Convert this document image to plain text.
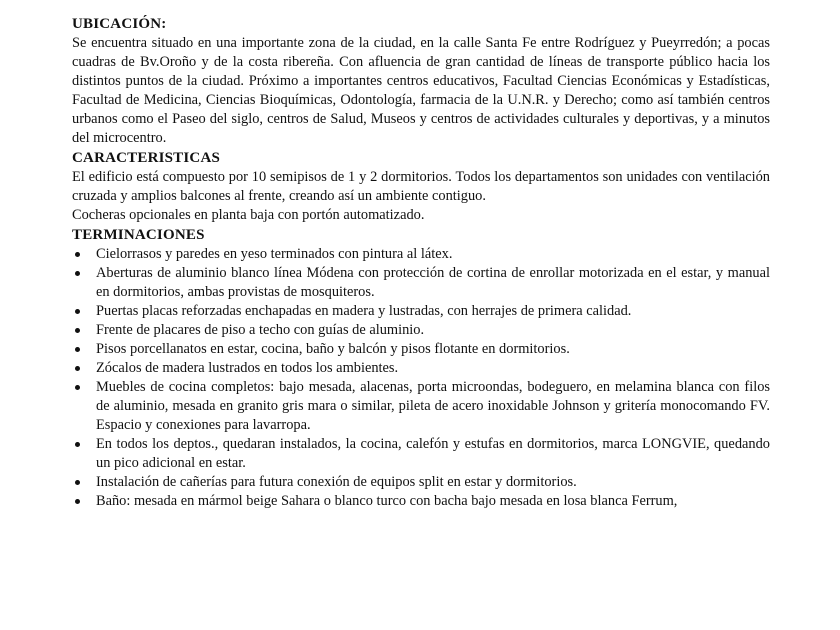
UBICACIÓN:

Se encuentra situado en una importante zona de la ciudad, en la calle Santa Fe entre Rodríguez y Pueyrredón; a pocas cuadras de Bv.Oroño y de la costa ribereña. Con afluencia de gran cantidad de líneas de transporte público hacia los distintos puntos de la ciudad. Próximo a importantes centros educativos, Facultad Ciencias Económicas y Estadísticas, Facultad de Medicina, Ciencias Bioquímicas, Odontología, farmacia de la U.N.R. y Derecho; como así también centros urbanos como el Paseo del siglo, centros de Salud, Museos y centros de actividades culturales y deportivas, y a minutos del microcentro.

CARACTERISTICAS

El edificio está compuesto por 10 semipisos de 1 y 2 dormitorios. Todos los departamentos son unidades con ventilación cruzada y amplios balcones al frente, creando así un ambiente contiguo.

Cocheras opcionales en planta baja con portón automatizado.

TERMINACIONES
Cielorrasos y paredes en yeso terminados con pintura al látex.
Aberturas de aluminio blanco línea Módena con protección de cortina de enrollar motorizada en el estar, y manual en dormitorios, ambas provistas de mosquiteros.
Puertas placas reforzadas enchapadas en madera y lustradas, con herrajes de primera calidad.
Frente de placares de piso a techo con guías de aluminio.
Pisos porcellanatos en estar, cocina, baño y balcón y pisos flotante en dormitorios.
Zócalos de madera lustrados en todos los ambientes.
Muebles de cocina completos: bajo mesada, alacenas, porta microondas, bodeguero, en melamina blanca con filos de aluminio, mesada en granito gris mara o similar, pileta de acero inoxidable Johnson y gritería monocomando FV. Espacio y conexiones para lavarropa.
En todos los deptos., quedaran instalados, la cocina, calefón y estufas en dormitorios, marca LONGVIE, quedando un pico adicional en estar.
Instalación de cañerías para futura conexión de equipos split en estar y dormitorios.
Baño: mesada en mármol beige Sahara o blanco turco con bacha bajo mesada en losa blanca Ferrum,
